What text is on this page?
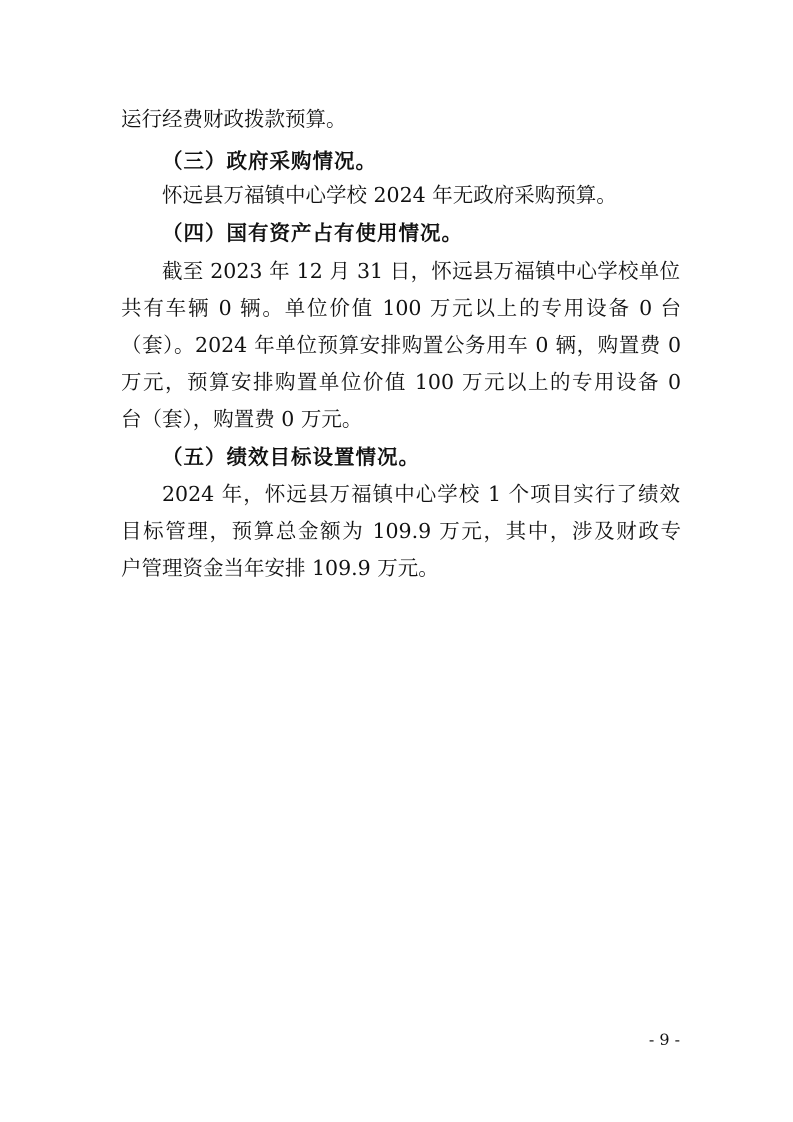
运行经费财政拨款预算。
（三）政府采购情况。
怀远县万福镇中心学校 2024 年无政府采购预算。
（四）国有资产占有使用情况。
截至 2023 年 12 月 31 日，怀远县万福镇中心学校单位
共有车辆 0 辆。单位价值 100 万元以上的专用设备 0 台
（套）。2024 年单位预算安排购置公务用车 0 辆，购置费 0
万元，预算安排购置单位价值 100 万元以上的专用设备 0
台（套），购置费 0 万元。
（五）绩效目标设置情况。
2024 年，怀远县万福镇中心学校 1 个项目实行了绩效
目标管理，预算总金额为 109.9 万元，其中，涉及财政专
户管理资金当年安排 109.9 万元。
- 9 -
